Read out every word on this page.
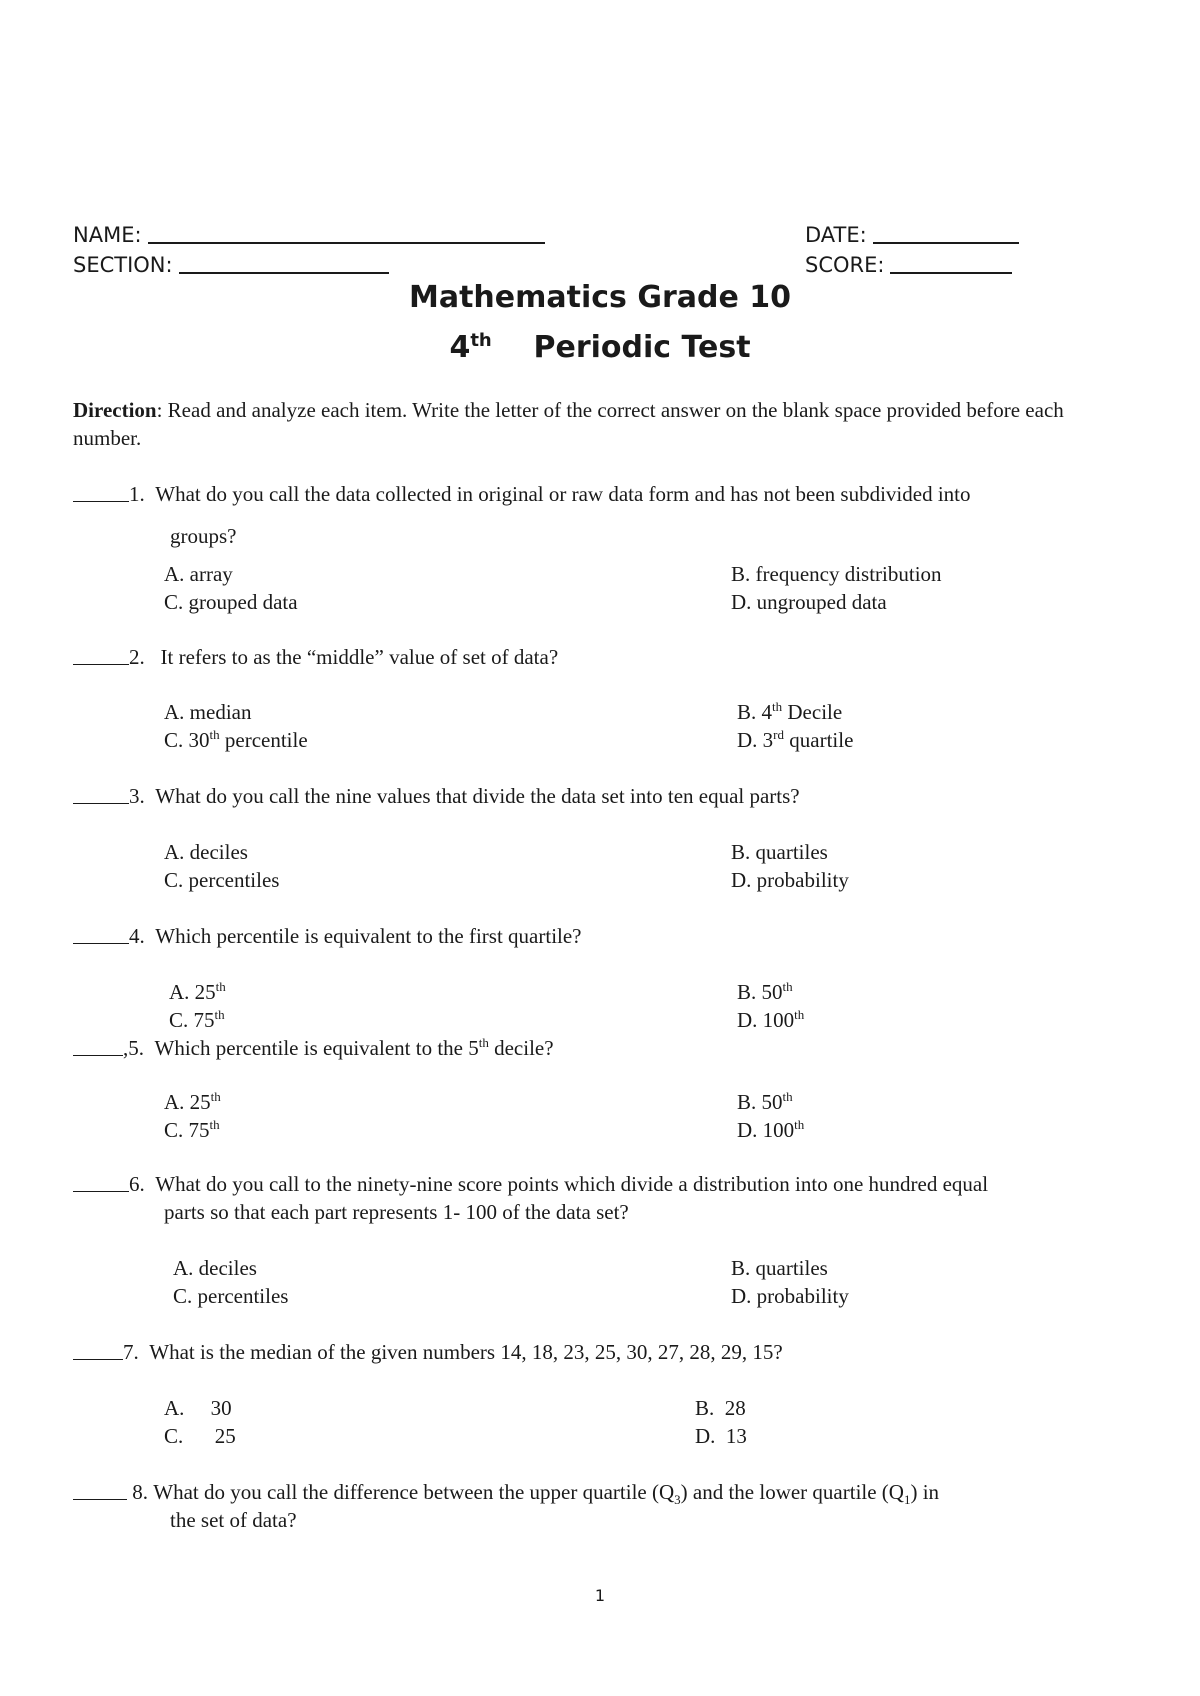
NAME:	DATE:
SECTION:	SCORE:
Mathematics Grade 10
4th Periodic Test
Direction: Read and analyze each item. Write the letter of the correct answer on the blank space provided before each number.
1. What do you call the data collected in original or raw data form and has not been subdivided into
groups?
A. array	B. frequency distribution
C. grouped data	D. ungrouped data
2. It refers to as the “middle” value of set of data?
A. median	B. 4th Decile
C. 30th percentile	D. 3rd quartile
3. What do you call the nine values that divide the data set into ten equal parts?
A. deciles	B. quartiles
C. percentiles	D. probability
4. Which percentile is equivalent to the first quartile?
A. 25th	B. 50th
C. 75th	D. 100th
,5. Which percentile is equivalent to the 5th decile?
A. 25th	B. 50th
C. 75th	D. 100th
6. What do you call to the ninety-nine score points which divide a distribution into one hundred equal
parts so that each part represents 1- 100 of the data set?
A. deciles	B. quartiles
C. percentiles	D. probability
7. What is the median of the given numbers 14, 18, 23, 25, 30, 27, 28, 29, 15?
A.     30	B.  28
C.      25	D.  13
8. What do you call the difference between the upper quartile $(Q_3)$ and the lower quartile $(Q_1)$ in
the set of data?
1
